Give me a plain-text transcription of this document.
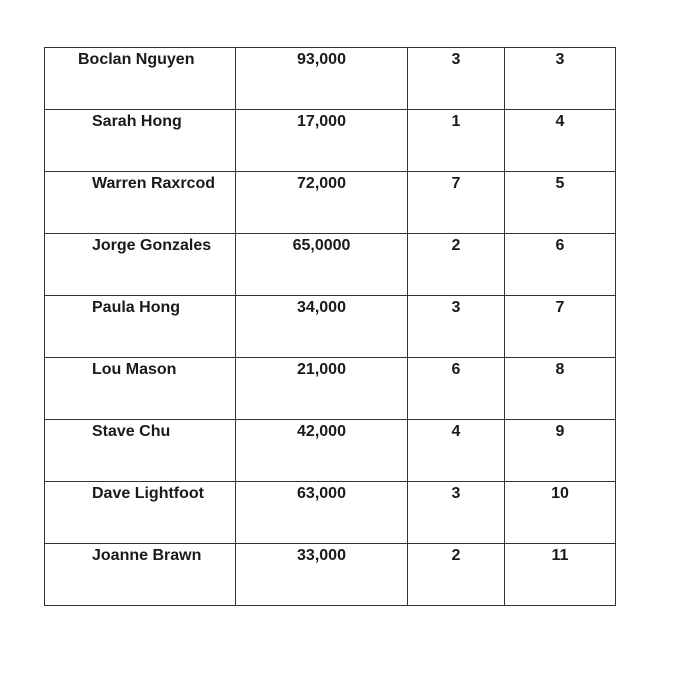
Boclan Nguyen	93,000	3	3

Sarah Hong	17,000	1	4

Warren Raxrcod	72,000	7	5

Jorge Gonzales	65,0000	2	6

Paula Hong	34,000	3	7

Lou Mason	21,000	6	8

Stave Chu	42,000	4	9

Dave Lightfoot	63,000	3	10

Joanne Brawn	33,000	2	11
